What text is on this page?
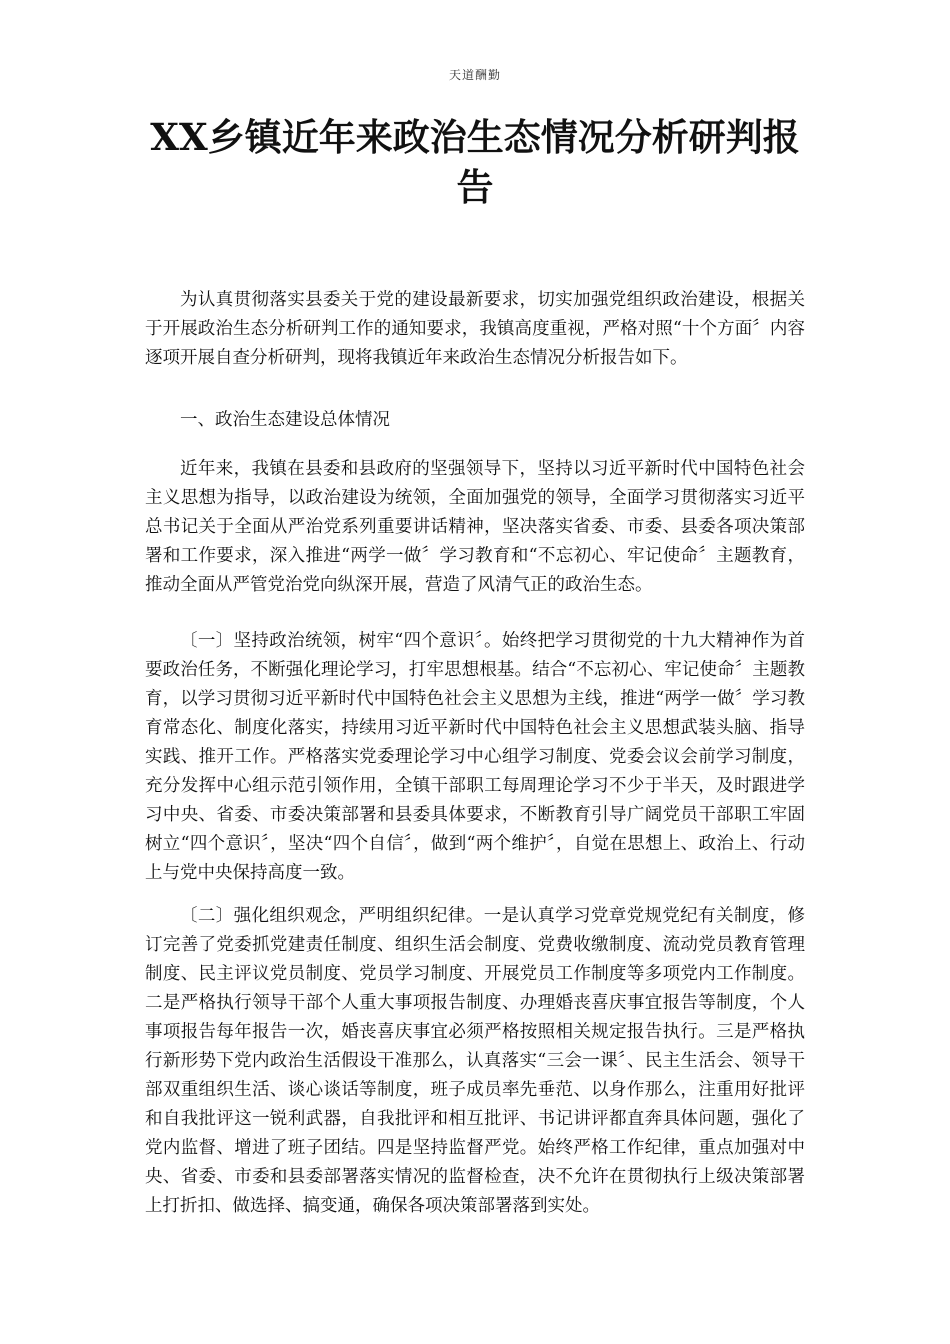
天道酬勤
XX乡镇近年来政治生态情况分析研判报告

为认真贯彻落实县委关于党的建设最新要求，切实加强党组织政治建设，根据关于开展政治生态分析研判工作的通知要求，我镇高度重视，严格对照“十个方面〞内容逐项开展自查分析研判，现将我镇近年来政治生态情况分析报告如下。

一、政治生态建设总体情况

近年来，我镇在县委和县政府的坚强领导下，坚持以习近平新时代中国特色社会主义思想为指导，以政治建设为统领，全面加强党的领导，全面学习贯彻落实习近平总书记关于全面从严治党系列重要讲话精神，坚决落实省委、市委、县委各项决策部署和工作要求，深入推进“两学一做〞学习教育和“不忘初心、牢记使命〞主题教育，推动全面从严管党治党向纵深开展，营造了风清气正的政治生态。

〔一〕坚持政治统领，树牢“四个意识〞。始终把学习贯彻党的十九大精神作为首要政治任务，不断强化理论学习，打牢思想根基。结合“不忘初心、牢记使命〞主题教育，以学习贯彻习近平新时代中国特色社会主义思想为主线，推进“两学一做〞学习教育常态化、制度化落实，持续用习近平新时代中国特色社会主义思想武装头脑、指导实践、推开工作。严格落实党委理论学习中心组学习制度、党委会议会前学习制度，充分发挥中心组示范引领作用，全镇干部职工每周理论学习不少于半天，及时跟进学习中央、省委、市委决策部署和县委具体要求，不断教育引导广阔党员干部职工牢固树立“四个意识〞，坚决“四个自信〞，做到“两个维护〞，自觉在思想上、政治上、行动上与党中央保持高度一致。

〔二〕强化组织观念，严明组织纪律。一是认真学习党章党规党纪有关制度，修订完善了党委抓党建责任制度、组织生活会制度、党费收缴制度、流动党员教育管理制度、民主评议党员制度、党员学习制度、开展党员工作制度等多项党内工作制度。二是严格执行领导干部个人重大事项报告制度、办理婚丧喜庆事宜报告等制度，个人事项报告每年报告一次，婚丧喜庆事宜必须严格按照相关规定报告执行。三是严格执行新形势下党内政治生活假设干准那么，认真落实“三会一课〞、民主生活会、领导干部双重组织生活、谈心谈话等制度，班子成员率先垂范、以身作那么，注重用好批评和自我批评这一锐利武器，自我批评和相互批评、书记讲评都直奔具体问题，强化了党内监督、增进了班子团结。四是坚持监督严党。始终严格工作纪律，重点加强对中央、省委、市委和县委部署落实情况的监督检查，决不允许在贯彻执行上级决策部署上打折扣、做选择、搞变通，确保各项决策部署落到实处。
